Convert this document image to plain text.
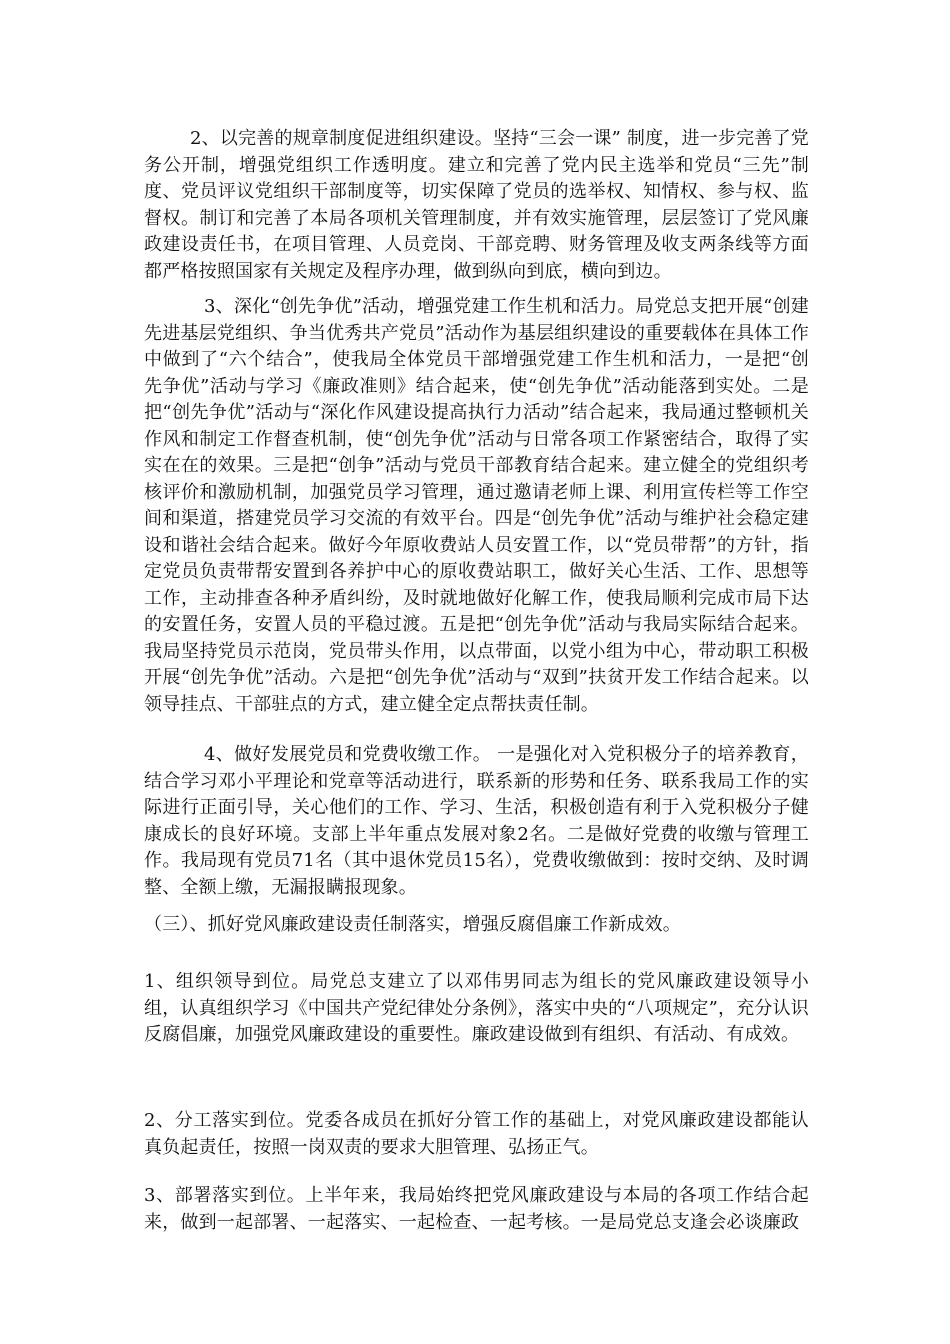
2、以完善的规章制度促进组织建设。坚持“三会一课” 制度，进一步完善了党务公开制，增强党组织工作透明度。建立和完善了党内民主选举和党员“三先”制度、党员评议党组织干部制度等，切实保障了党员的选举权、知情权、参与权、监督权。制订和完善了本局各项机关管理制度，并有效实施管理，层层签订了党风廉政建设责任书，在项目管理、人员竞岗、干部竞聘、财务管理及收支两条线等方面都严格按照国家有关规定及程序办理，做到纵向到底，横向到边。

3、深化“创先争优”活动，增强党建工作生机和活力。局党总支把开展“创建先进基层党组织、争当优秀共产党员”活动作为基层组织建设的重要载体在具体工作中做到了“六个结合”，使我局全体党员干部增强党建工作生机和活力，一是把“创先争优”活动与学习《廉政准则》结合起来，使“创先争优”活动能落到实处。二是把“创先争优”活动与“深化作风建设提高执行力活动”结合起来，我局通过整顿机关作风和制定工作督查机制，使“创先争优”活动与日常各项工作紧密结合，取得了实实在在的效果。三是把“创争”活动与党员干部教育结合起来。建立健全的党组织考核评价和激励机制，加强党员学习管理，通过邀请老师上课、利用宣传栏等工作空间和渠道，搭建党员学习交流的有效平台。四是“创先争优”活动与维护社会稳定建设和谐社会结合起来。做好今年原收费站人员安置工作，以“党员带帮”的方针，指定党员负责带帮安置到各养护中心的原收费站职工，做好关心生活、工作、思想等工作，主动排查各种矛盾纠纷，及时就地做好化解工作，使我局顺利完成市局下达的安置任务，安置人员的平稳过渡。五是把“创先争优”活动与我局实际结合起来。我局坚持党员示范岗，党员带头作用，以点带面，以党小组为中心，带动职工积极开展“创先争优”活动。六是把“创先争优”活动与“双到”扶贫开发工作结合起来。以领导挂点、干部驻点的方式，建立健全定点帮扶责任制。

4、做好发展党员和党费收缴工作。 一是强化对入党积极分子的培养教育，结合学习邓小平理论和党章等活动进行，联系新的形势和任务、联系我局工作的实际进行正面引导，关心他们的工作、学习、生活，积极创造有利于入党积极分子健康成长的良好环境。支部上半年重点发展对象2名。二是做好党费的收缴与管理工作。我局现有党员71名（其中退休党员15名），党费收缴做到：按时交纳、及时调整、全额上缴，无漏报瞒报现象。

（三）、抓好党风廉政建设责任制落实，增强反腐倡廉工作新成效。

1、组织领导到位。局党总支建立了以邓伟男同志为组长的党风廉政建设领导小组，认真组织学习《中国共产党纪律处分条例》，落实中央的“八项规定”，充分认识反腐倡廉，加强党风廉政建设的重要性。廉政建设做到有组织、有活动、有成效。

2、分工落实到位。党委各成员在抓好分管工作的基础上，对党风廉政建设都能认真负起责任，按照一岗双责的要求大胆管理、弘扬正气。

3、部署落实到位。上半年来，我局始终把党风廉政建设与本局的各项工作结合起来，做到一起部署、一起落实、一起检查、一起考核。一是局党总支逢会必谈廉政
